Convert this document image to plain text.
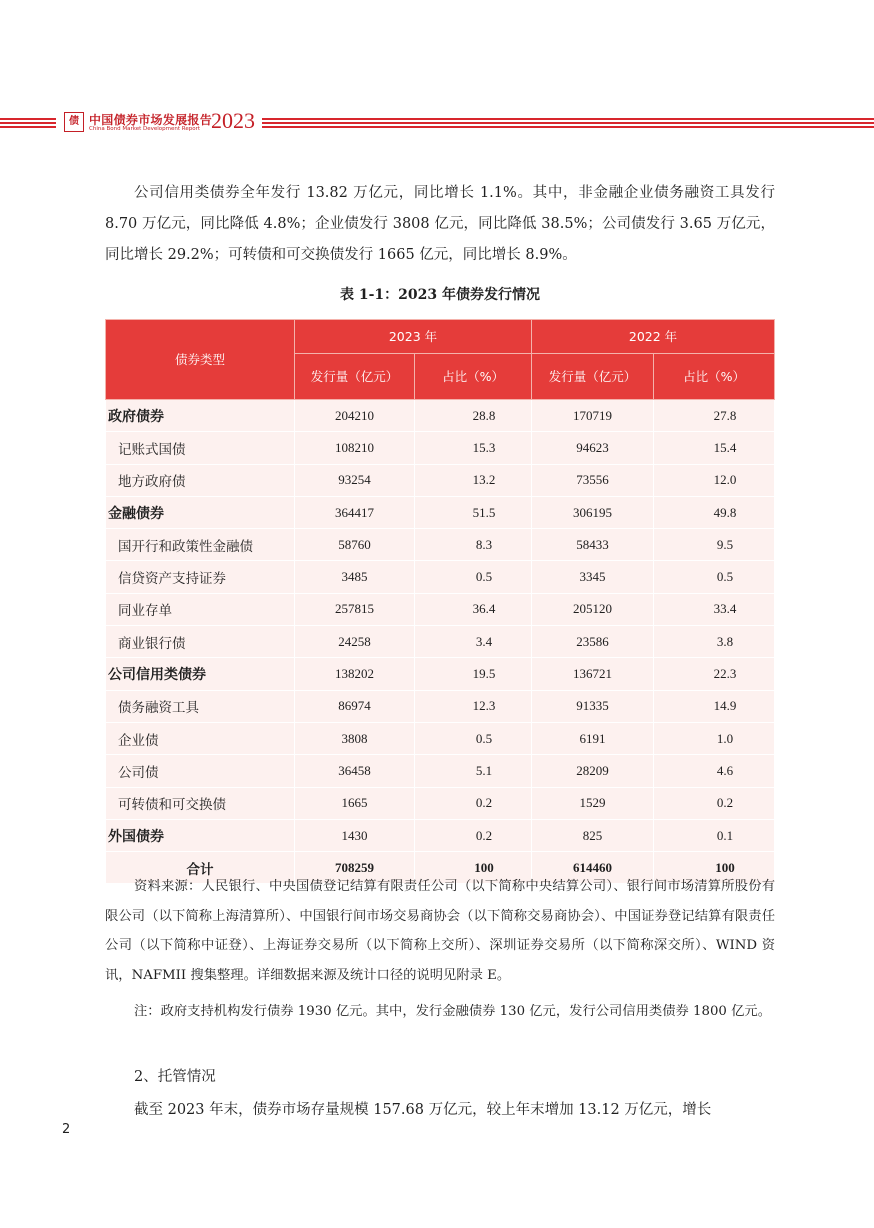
债 中国债券市场发展报告
China Bond Market Development Report 2023

公司信用类债券全年发行 13.82 万亿元，同比增长 1.1%。其中，非金融企业债务融资工具发行 8.70 万亿元，同比降低 4.8%；企业债发行 3808 亿元，同比降低 38.5%；公司债发行 3.65 万亿元，同比增长 29.2%；可转债和可交换债发行 1665 亿元，同比增长 8.9%。

表 1-1：2023 年债券发行情况
债券类型	2023 年		2022 年	
	发行量（亿元）	占比（%）	发行量（亿元）	占比（%）
政府债券	204210	28.8	170719	27.8
记账式国债	108210	15.3	94623	15.4
地方政府债	93254	13.2	73556	12.0
金融债券	364417	51.5	306195	49.8
国开行和政策性金融债	58760	8.3	58433	9.5
信贷资产支持证券	3485	0.5	3345	0.5
同业存单	257815	36.4	205120	33.4
商业银行债	24258	3.4	23586	3.8
公司信用类债券	138202	19.5	136721	22.3
债务融资工具	86974	12.3	91335	14.9
企业债	3808	0.5	6191	1.0
公司债	36458	5.1	28209	4.6
可转债和可交换债	1665	0.2	1529	0.2
外国债券	1430	0.2	825	0.1
合计	708259	100	614460	100

资料来源：人民银行、中央国债登记结算有限责任公司（以下简称中央结算公司）、银行间市场清算所股份有限公司（以下简称上海清算所）、中国银行间市场交易商协会（以下简称交易商协会）、中国证券登记结算有限责任公司（以下简称中证登）、上海证券交易所（以下简称上交所）、深圳证券交易所（以下简称深交所）、WIND 资讯，NAFMII 搜集整理。详细数据来源及统计口径的说明见附录 E。

注：政府支持机构发行债券 1930 亿元。其中，发行金融债券 130 亿元，发行公司信用类债券 1800 亿元。

2、托管情况

截至 2023 年末，债券市场存量规模 157.68 万亿元，较上年末增加 13.12 万亿元，增长

2
